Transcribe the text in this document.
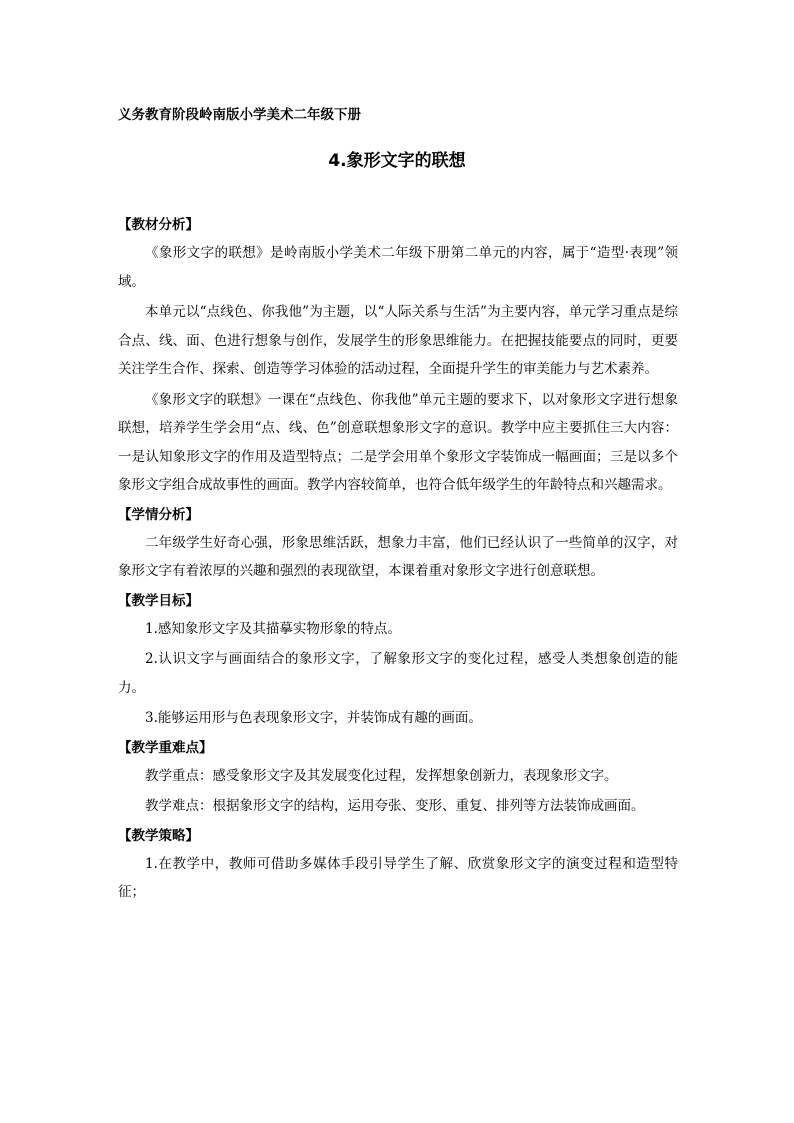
义务教育阶段岭南版小学美术二年级下册
4.象形文字的联想
【教材分析】

《象形文字的联想》是岭南版小学美术二年级下册第二单元的内容，属于“造型·表现”领域。

本单元以“点线色、你我他”为主题，以“人际关系与生活”为主要内容，单元学习重点是综合点、线、面、色进行想象与创作，发展学生的形象思维能力。在把握技能要点的同时，更要关注学生合作、探索、创造等学习体验的活动过程，全面提升学生的审美能力与艺术素养。

《象形文字的联想》一课在“点线色、你我他”单元主题的要求下，以对象形文字进行想象联想，培养学生学会用“点、线、色”创意联想象形文字的意识。教学中应主要抓住三大内容：一是认知象形文字的作用及造型特点；二是学会用单个象形文字装饰成一幅画面；三是以多个象形文字组合成故事性的画面。教学内容较简单，也符合低年级学生的年龄特点和兴趣需求。

【学情分析】

二年级学生好奇心强，形象思维活跃，想象力丰富，他们已经认识了一些简单的汉字，对象形文字有着浓厚的兴趣和强烈的表现欲望，本课着重对象形文字进行创意联想。

【教学目标】

1.感知象形文字及其描摹实物形象的特点。

2.认识文字与画面结合的象形文字，了解象形文字的变化过程，感受人类想象创造的能力。

3.能够运用形与色表现象形文字，并装饰成有趣的画面。

【教学重难点】

教学重点：感受象形文字及其发展变化过程，发挥想象创新力，表现象形文字。

教学难点：根据象形文字的结构，运用夸张、变形、重复、排列等方法装饰成画面。

【教学策略】

1.在教学中，教师可借助多媒体手段引导学生了解、欣赏象形文字的演变过程和造型特征；
